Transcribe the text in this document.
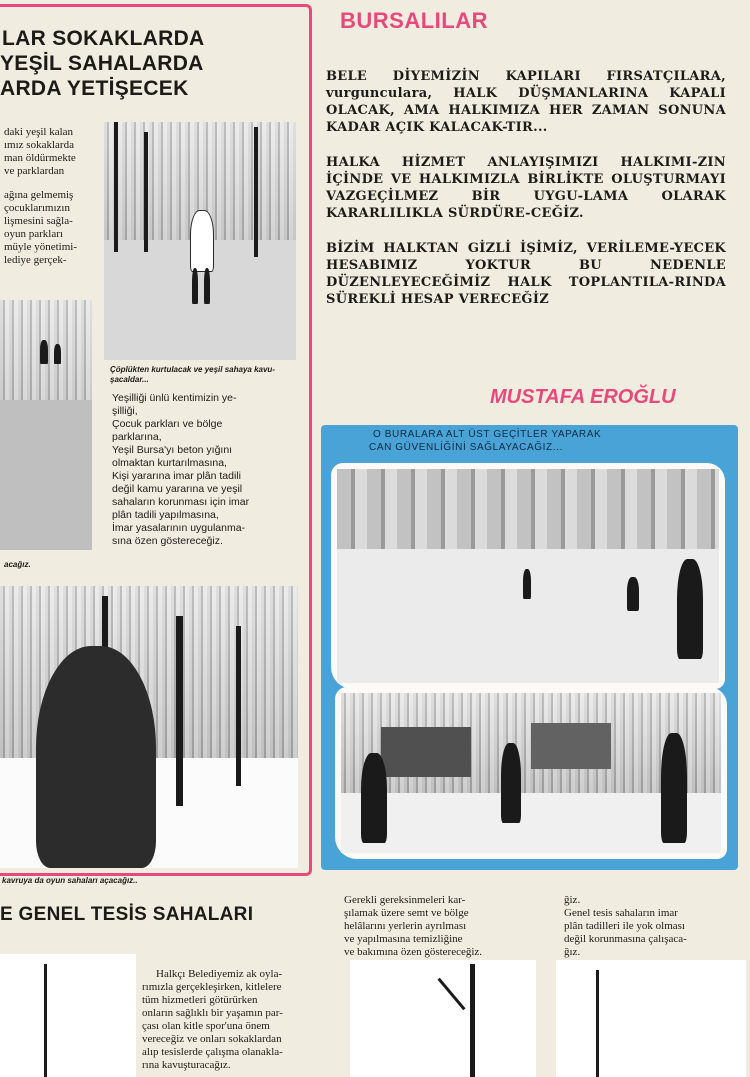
LAR SOKAKLARDA
YEŞİL SAHALARDA
ARDA YETİŞECEK
daki yeşil kalan
ımız sokaklarda
man öldürmekte
ve parklardan
ağına gelmemiş
çocuklarımızın
lişmesini sağla-
oyun parkları
müyle yönetimi-
lediye gerçek-
Çöplükten kurtulacak ve yeşil sahaya kavu-şacaldar...
acağız.
Yeşilliği ünlü kentimizin ye-
şilliği,
Çocuk parkları ve bölge
parklarına,
Yeşil Bursa'yı beton yığını
olmaktan kurtarılmasına,
Kişi yararına imar plân tadili
değil kamu yararına ve yeşil
sahaların korunması için imar
plân tadili yapılmasına,
İmar yasalarının uygulanma-
sına özen göstereceğiz.
kavruya da oyun sahaları açacağız..
BURSALILAR

BELE DİYEMİZİN KAPILARI FIRSATÇILARA, vurgunculara, HALK DÜŞMANLARINA KAPALI OLACAK, AMA HALKIMIZA HER ZAMAN SONUNA KADAR AÇIK KALACAK-TIR...

HALKA HİZMET ANLAYIŞIMIZI HALKIMI-ZIN İÇİNDE VE HALKIMIZLA BİRLİKTE OLUŞTURMAYI VAZGEÇİLMEZ BİR UYGU-LAMA OLARAK KARARLILIKLA SÜRDÜRE-CEĞİZ.

BİZİM HALKTAN GİZLİ İŞİMİZ, VERİLEME-YECEK HESABIMIZ YOKTUR BU NEDENLE DÜZENLEYECEĞİMİZ HALK TOPLANTILA-RINDA SÜREKLİ HESAP VERECEĞİZ

MUSTAFA EROĞLU
O BURALARA ALT ÜST GEÇİTLER YAPARAK
CAN GÜVENLİĞİNİ SAĞLAYACAĞIZ...
E GENEL TESİS SAHALARI

Halkçı Belediyemiz ak oyla-

rımızla gerçekleşirken, kitlelere

tüm hizmetleri götürürken

onların sağlıklı bir yaşamın par-

çası olan kitle spor'una önem

vereceğiz ve onları sokaklardan

alıp tesislerde çalışma olanakla-

rına kavuşturacağız.

Gerekli gereksinmeleri kar-

şılamak üzere semt ve bölge

helâlarını yerlerin ayrılması

ve yapılmasına temizliğine

ve bakımına özen göstereceğiz.

ğiz.

Genel tesis sahaların imar

plân tadilleri ile yok olması

değil korunmasına çalışaca-

ğız.
